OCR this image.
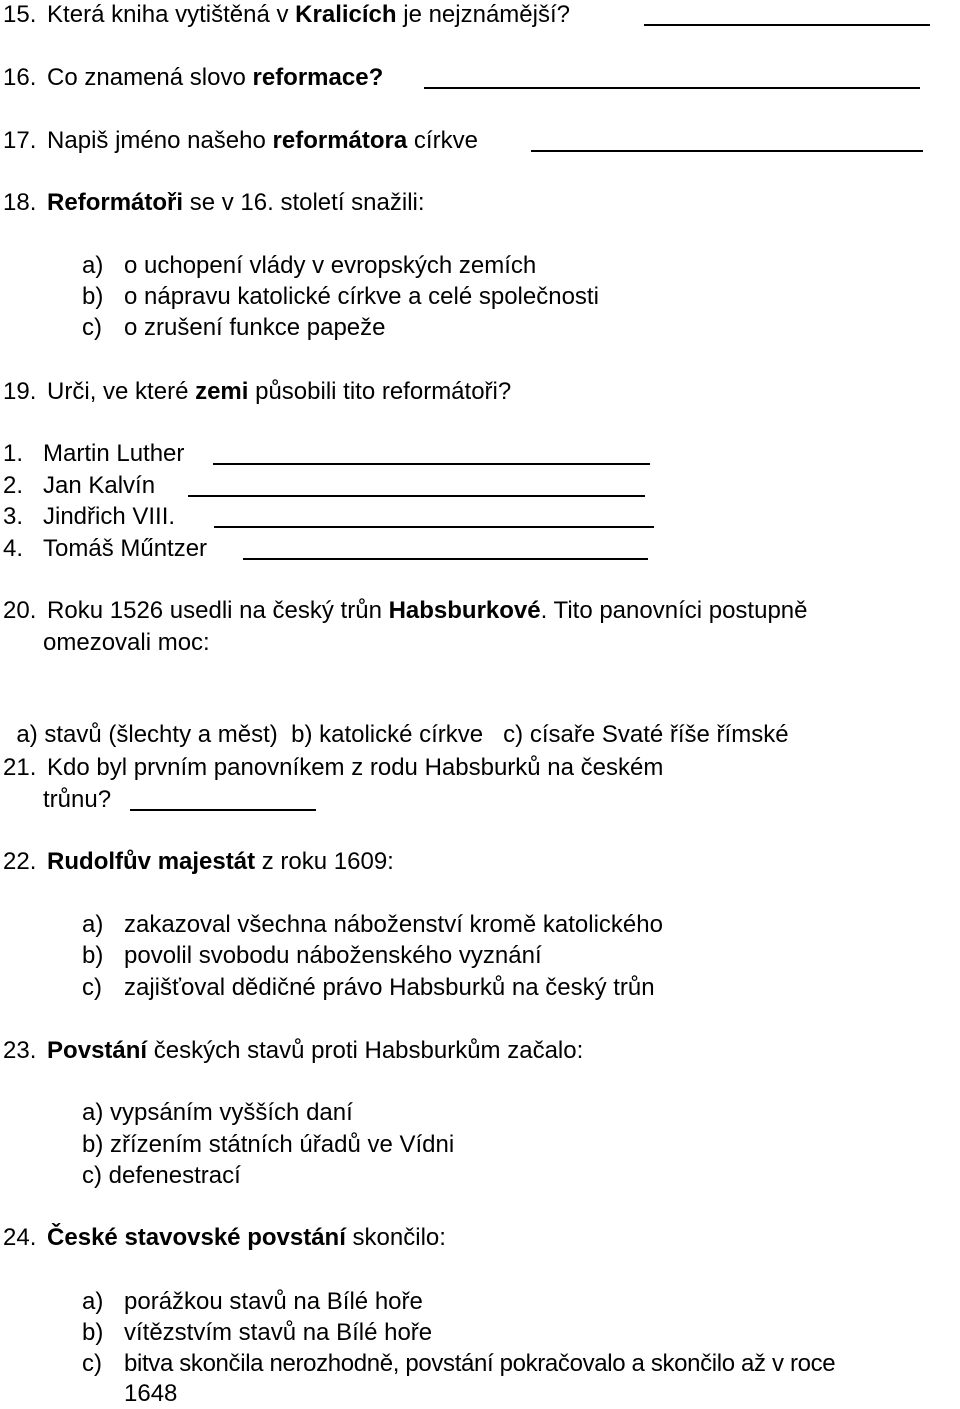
15. Která kniha vytištěná v Kralicích je nejznámější?
16. Co znamená slovo reformace?
17. Napiš jméno našeho reformátora církve
18. Reformátoři se v 16. století snažili:
a) o uchopení vlády v evropských zemích
b) o nápravu katolické církve a celé společnosti
c) o zrušení funkce papeže
19. Urči, ve které zemi působili tito reformátoři?
1. Martin Luther
2. Jan Kalvín
3. Jindřich VIII.
4. Tomáš Műntzer
20. Roku 1526 usedli na český trůn Habsburkové. Tito panovníci postupně
omezovali moc:

a) stavů (šlechty a měst)  b) katolické církve   c) císaře Svaté říše římské

21. Kdo byl prvním panovníkem z rodu Habsburků na českém
trůnu?
22. Rudolfův majestát z roku 1609:
a) zakazoval všechna náboženství kromě katolického
b) povolil svobodu náboženského vyznání
c) zajišťoval dědičné právo Habsburků na český trůn
23. Povstání českých stavů proti Habsburkům začalo:
a) vypsáním vyšších daní
b) zřízením státních úřadů ve Vídni
c) defenestrací
24. České stavovské povstání skončilo:
a) porážkou stavů na Bílé hoře
b) vítězstvím stavů na Bílé hoře
c) bitva skončila nerozhodně, povstání pokračovalo a skončilo až v roce
1648
